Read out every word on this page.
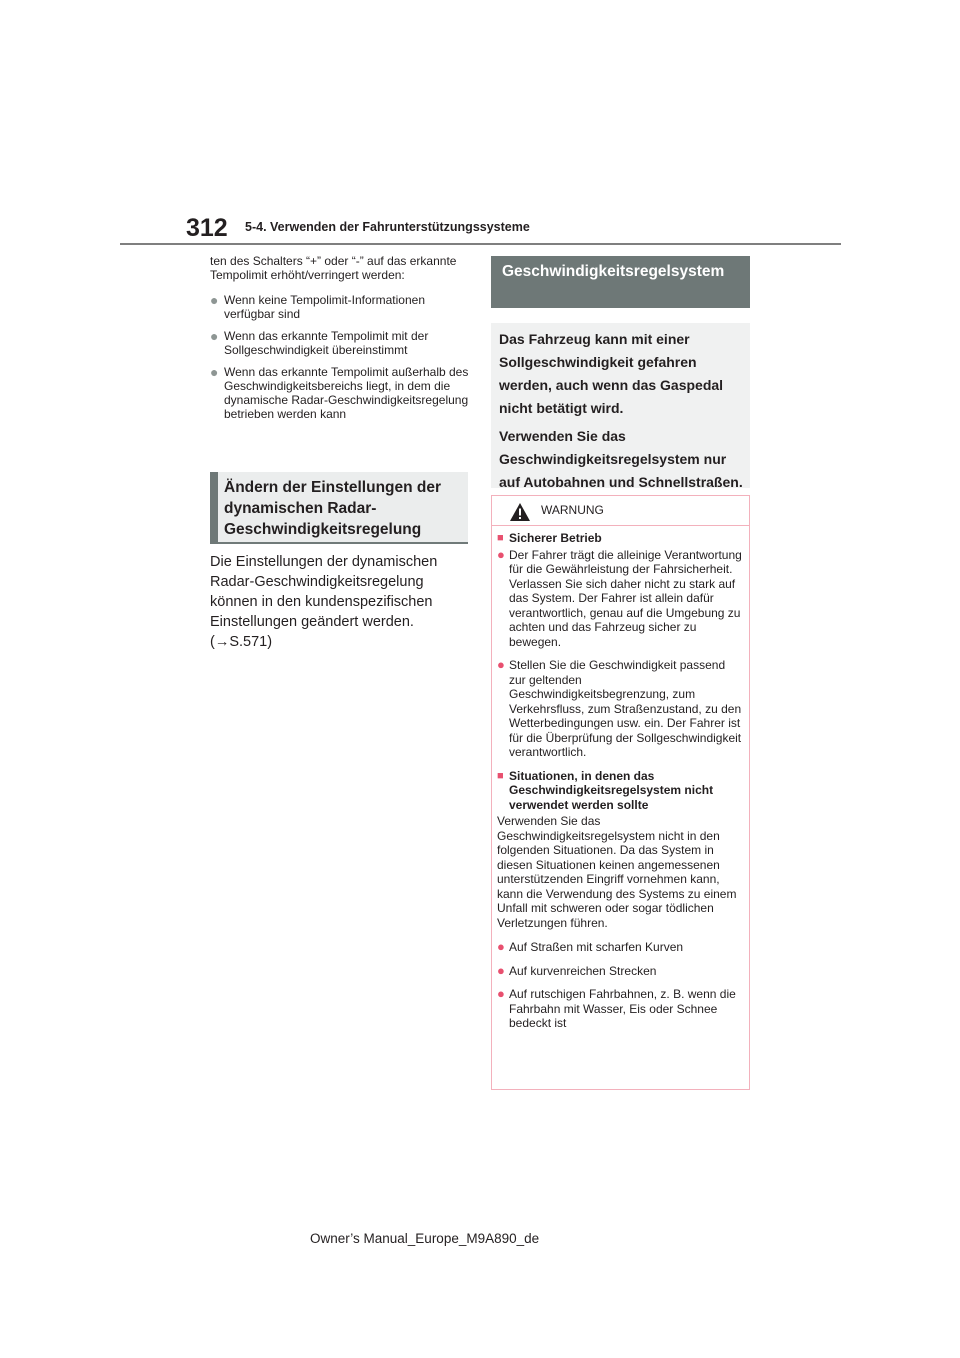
312 5-4. Verwenden der Fahrunterstützungssysteme

ten des Schalters “+” oder “-” auf das erkannte Tempolimit erhöht/verringert werden:

● Wenn keine Tempolimit-Informationen verfügbar sind
● Wenn das erkannte Tempolimit mit der Sollgeschwindigkeit übereinstimmt
● Wenn das erkannte Tempolimit außerhalb des Geschwindigkeitsbereichs liegt, in dem die dynamische Radar-Geschwindigkeitsregelung betrieben werden kann
Ändern der Einstellungen der dynamischen Radar-Geschwindigkeitsregelung
Die Einstellungen der dynamischen Radar-Geschwindigkeitsregelung können in den kundenspezifischen Einstellungen geändert werden. (→S.571)
Geschwindigkeitsregelsystem

Das Fahrzeug kann mit einer Sollgeschwindigkeit gefahren werden, auch wenn das Gaspedal nicht betätigt wird.

Verwenden Sie das Geschwindigkeitsregelsystem nur auf Autobahnen und Schnellstraßen.

WARNUNG
■ Sicherer Betrieb
● Der Fahrer trägt die alleinige Verantwortung für die Gewährleistung der Fahrsicherheit. Verlassen Sie sich daher nicht zu stark auf das System. Der Fahrer ist allein dafür verantwortlich, genau auf die Umgebung zu achten und das Fahrzeug sicher zu bewegen.
● Stellen Sie die Geschwindigkeit passend zur geltenden Geschwindigkeitsbegrenzung, zum Verkehrsfluss, zum Straßenzustand, zu den Wetterbedingungen usw. ein. Der Fahrer ist für die Überprüfung der Sollgeschwindigkeit verantwortlich.
■ Situationen, in denen das Geschwindigkeitsregelsystem nicht verwendet werden sollte

Verwenden Sie das Geschwindigkeitsregelsystem nicht in den folgenden Situationen. Da das System in diesen Situationen keinen angemessenen unterstützenden Eingriff vornehmen kann, kann die Verwendung des Systems zu einem Unfall mit schweren oder sogar tödlichen Verletzungen führen.

● Auf Straßen mit scharfen Kurven
● Auf kurvenreichen Strecken
● Auf rutschigen Fahrbahnen, z. B. wenn die Fahrbahn mit Wasser, Eis oder Schnee bedeckt ist
Owner’s Manual_Europe_M9A890_de
